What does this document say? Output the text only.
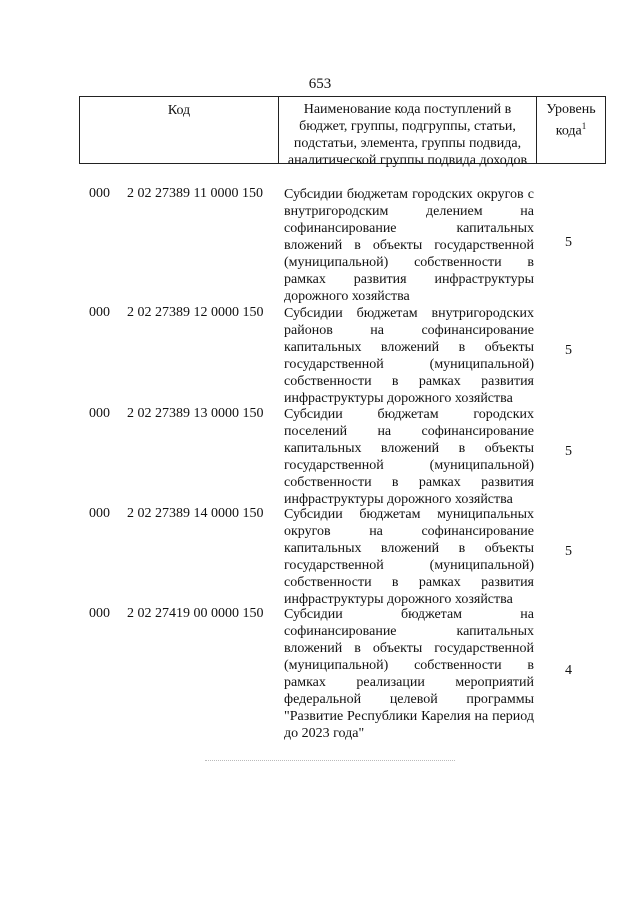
653
Код	Наименование кода поступлений в бюджет, группы, подгруппы, статьи, подстатьи, элемента, группы подвида, аналитической группы подвида доходов
Уровень кода$^1$
000 2 02 27389 11 0000 150 Субсидии бюджетам городских округов с внутригородским делением на софинансирование капитальных вложений в объекты государственной (муниципальной) собственности в рамках развития инфраструктуры дорожного хозяйства
5
000 2 02 27389 12 0000 150 Субсидии бюджетам внутригородских районов на софинансирование капитальных вложений в объекты государственной (муниципальной) собственности в рамках развития инфраструктуры дорожного хозяйства
5
000 2 02 27389 13 0000 150 Субсидии бюджетам городских поселений на софинансирование капитальных вложений в объекты государственной (муниципальной) собственности в рамках развития инфраструктуры дорожного хозяйства
5
000 2 02 27389 14 0000 150 Субсидии бюджетам муниципальных округов на софинансирование капитальных вложений в объекты государственной (муниципальной) собственности в рамках развития инфраструктуры дорожного хозяйства
5
000 2 02 27419 00 0000 150 Субсидии бюджетам на софинансирование капитальных вложений в объекты государственной (муниципальной) собственности в рамках реализации мероприятий федеральной целевой программы "Развитие Республики Карелия на период до 2023 года"
4
